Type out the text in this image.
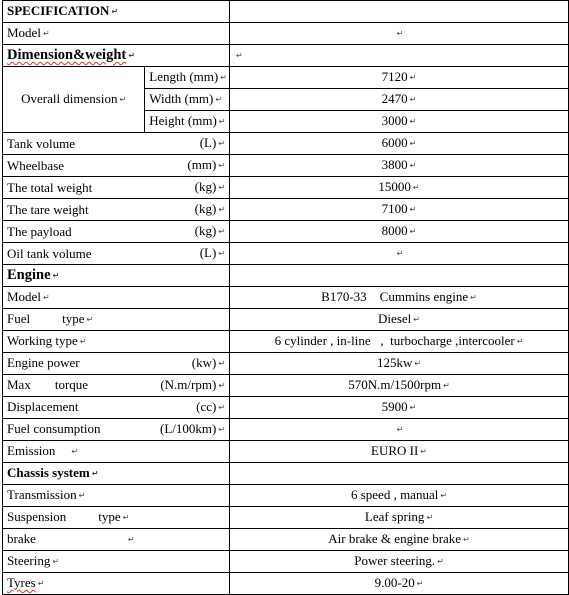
SPECIFICATION ↵		
Model ↵		↵
Dimension&weight ↵		↵
Overall dimension ↵	Length (mm) ↵	7120 ↵
	Width (mm) ↵	2470 ↵
	Height (mm) ↵	3000 ↵
Tank volume	(L) ↵	6000 ↵
Wheelbase	(mm) ↵	3800 ↵
The total weight	(kg) ↵	15000 ↵
The tare weight	(kg) ↵	7100 ↵
The payload	(kg) ↵	8000 ↵
Oil tank volume	(L) ↵	↵
Engine ↵		
Model ↵		B170-33    Cummins engine ↵
Fuel type ↵		Diesel ↵
Working type ↵		6 cylinder , in-line   ,  turbocharge ,intercooler ↵
Engine power	(kw) ↵	125kw ↵
Max torque	(N.m/rpm) ↵	570N.m/1500rpm ↵
Displacement	(cc) ↵	5900 ↵
Fuel consumption	(L/100km) ↵	↵
Emission ↵		EURO II ↵
Chassis system ↵		
Transmission ↵		6 speed , manual ↵
Suspension type ↵		Leaf spring ↵
brake ↵		Air brake & engine brake ↵
Steering ↵		Power steering. ↵
Tyres ↵		9.00-20 ↵
